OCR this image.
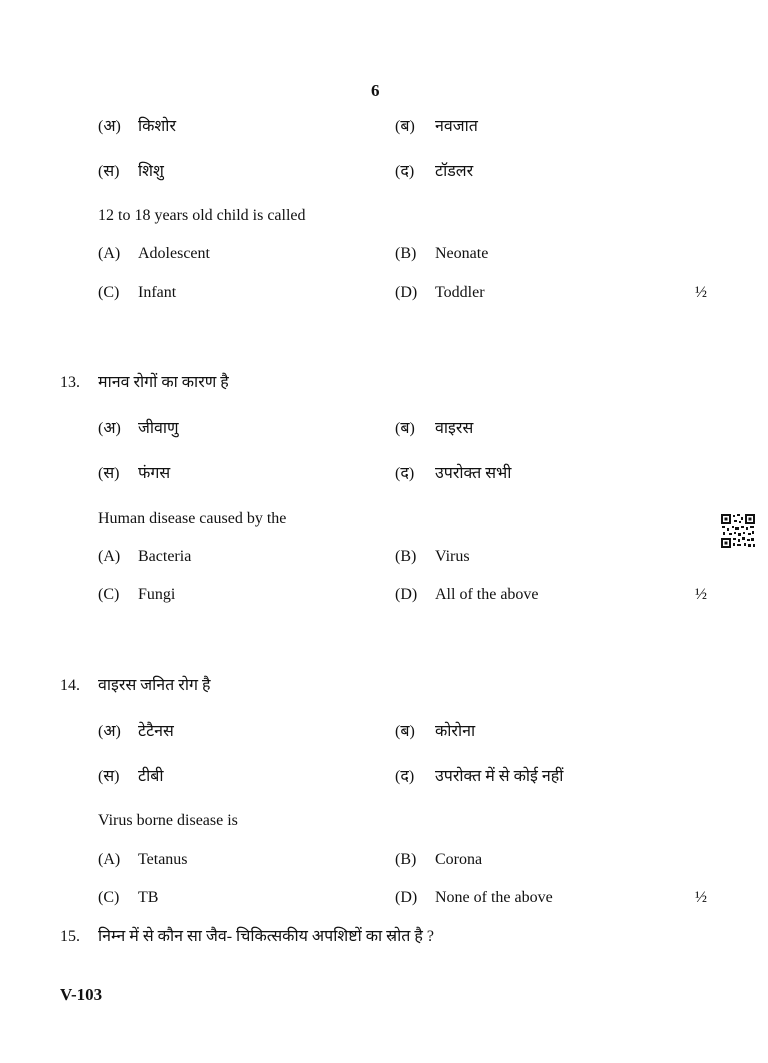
6
(अ)	किशोर	(ब)	नवजात
(स)	शिशु	(द)	टॉडलर
12 to 18 years old child is called
(A)	Adolescent	(B)	Neonate
(C)	Infant	(D)	Toddler	½
13. मानव रोगों का कारण है
(अ)	जीवाणु	(ब)	वाइरस
(स)	फंगस	(द)	उपरोक्त सभी
Human disease caused by the
(A)	Bacteria	(B)	Virus
(C)	Fungi	(D)	All of the above	½
14. वाइरस जनित रोग है
(अ)	टेटैनस	(ब)	कोरोना
(स)	टीबी	(द)	उपरोक्त में से कोई नहीं
Virus borne disease is
(A)	Tetanus	(B)	Corona
(C)	TB	(D)	None of the above	½
15. निम्न में से कौन सा जैव- चिकित्सकीय अपशिष्टों का स्रोत है ?
V-103
